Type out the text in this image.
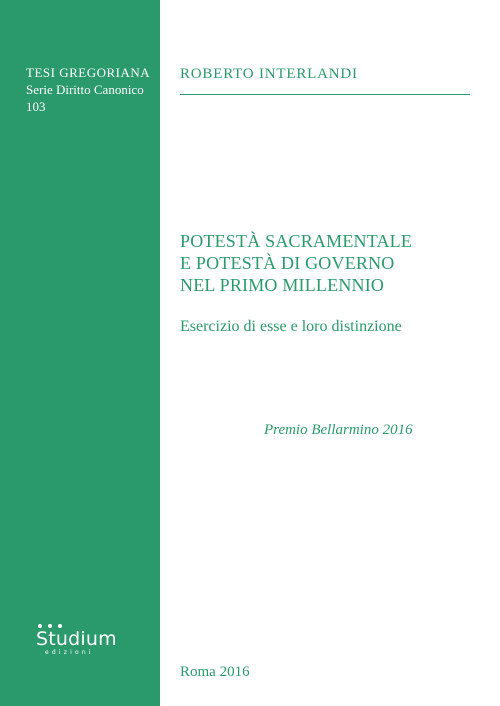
TESI GREGORIANA
Serie Diritto Canonico
103
Studium
edizioni
ROBERTO INTERLANDI
POTESTÀ SACRAMENTALE
E POTESTÀ DI GOVERNO
NEL PRIMO MILLENNIO
Esercizio di esse e loro distinzione
Premio Bellarmino 2016
Roma 2016
